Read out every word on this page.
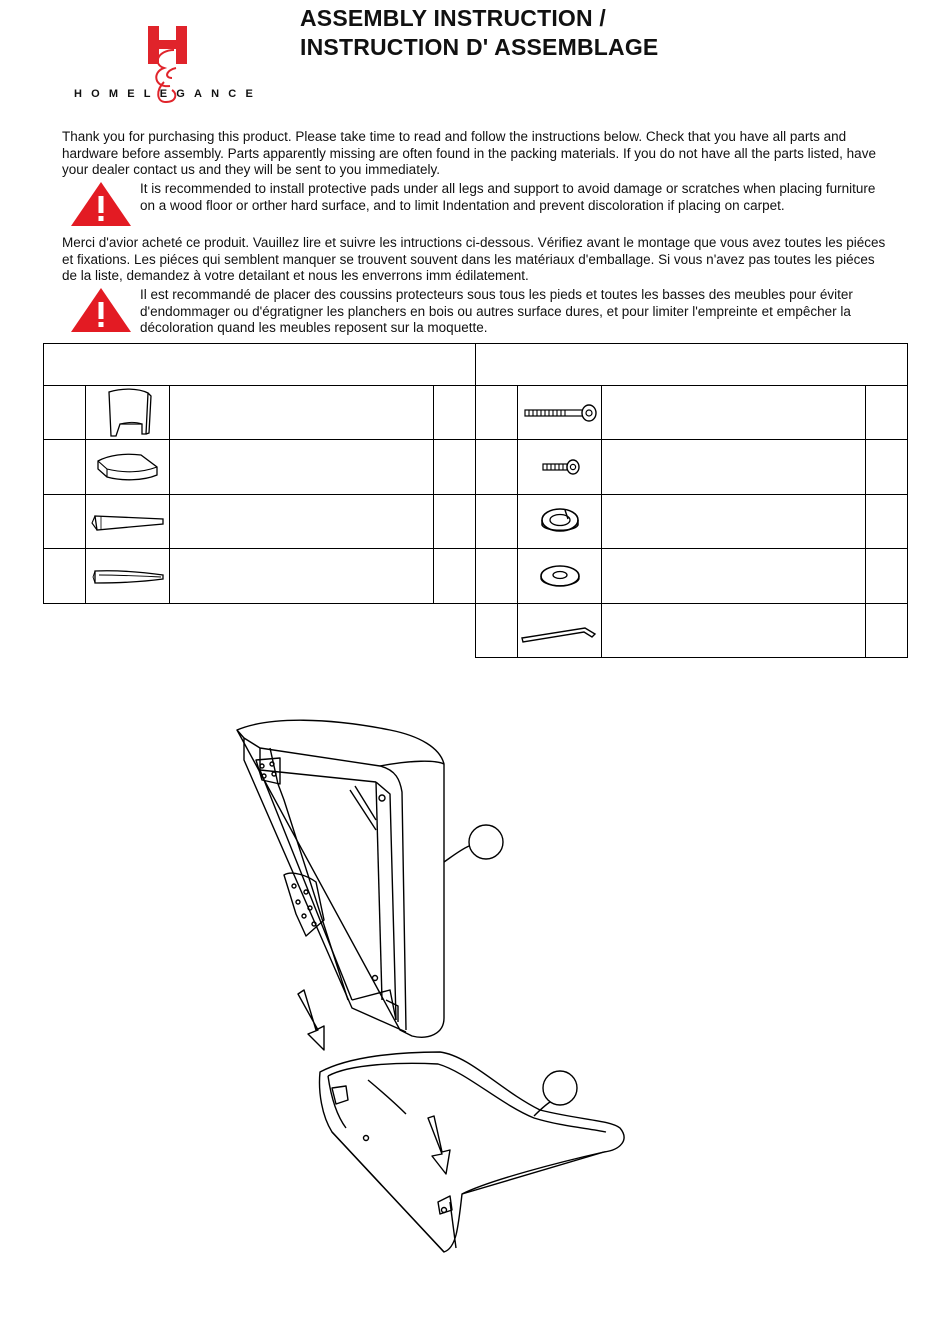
HOMELEGANCE
ASSEMBLY INSTRUCTION /
INSTRUCTION D' ASSEMBLAGE

Thank you for purchasing this product. Please take time to read and follow the instructions below. Check that you have all parts and hardware before assembly. Parts apparently missing are often found in the packing materials. If you do not have all the parts listed, have your dealer contact us and they will be sent to you immediately.

It is recommended to install protective pads under all legs and support to avoid damage or scratches when placing furniture on a wood floor or orther hard surface, and to limit Indentation and prevent discoloration if placing on carpet.

Merci d'avior acheté ce produit. Vauillez lire et suivre les intructions ci-dessous. Vérifiez avant le montage que vous avez toutes les piéces et fixations. Les piéces qui semblent manquer se trouvent souvent dans les matériaux d'emballage. Si vous n'avez pas toutes les piéces de la liste, demandez à votre detailant et nous les enverrons imm édilatement.

Il est recommandé de placer des coussins protecteurs sous tous les pieds et toutes les basses des meubles pour éviter d'endommager ou d'égratigner les planchers en bois ou autres surface dures, et pour limiter l'empreinte et empêcher la décoloration quand les meubles reposent sur la moquette.
